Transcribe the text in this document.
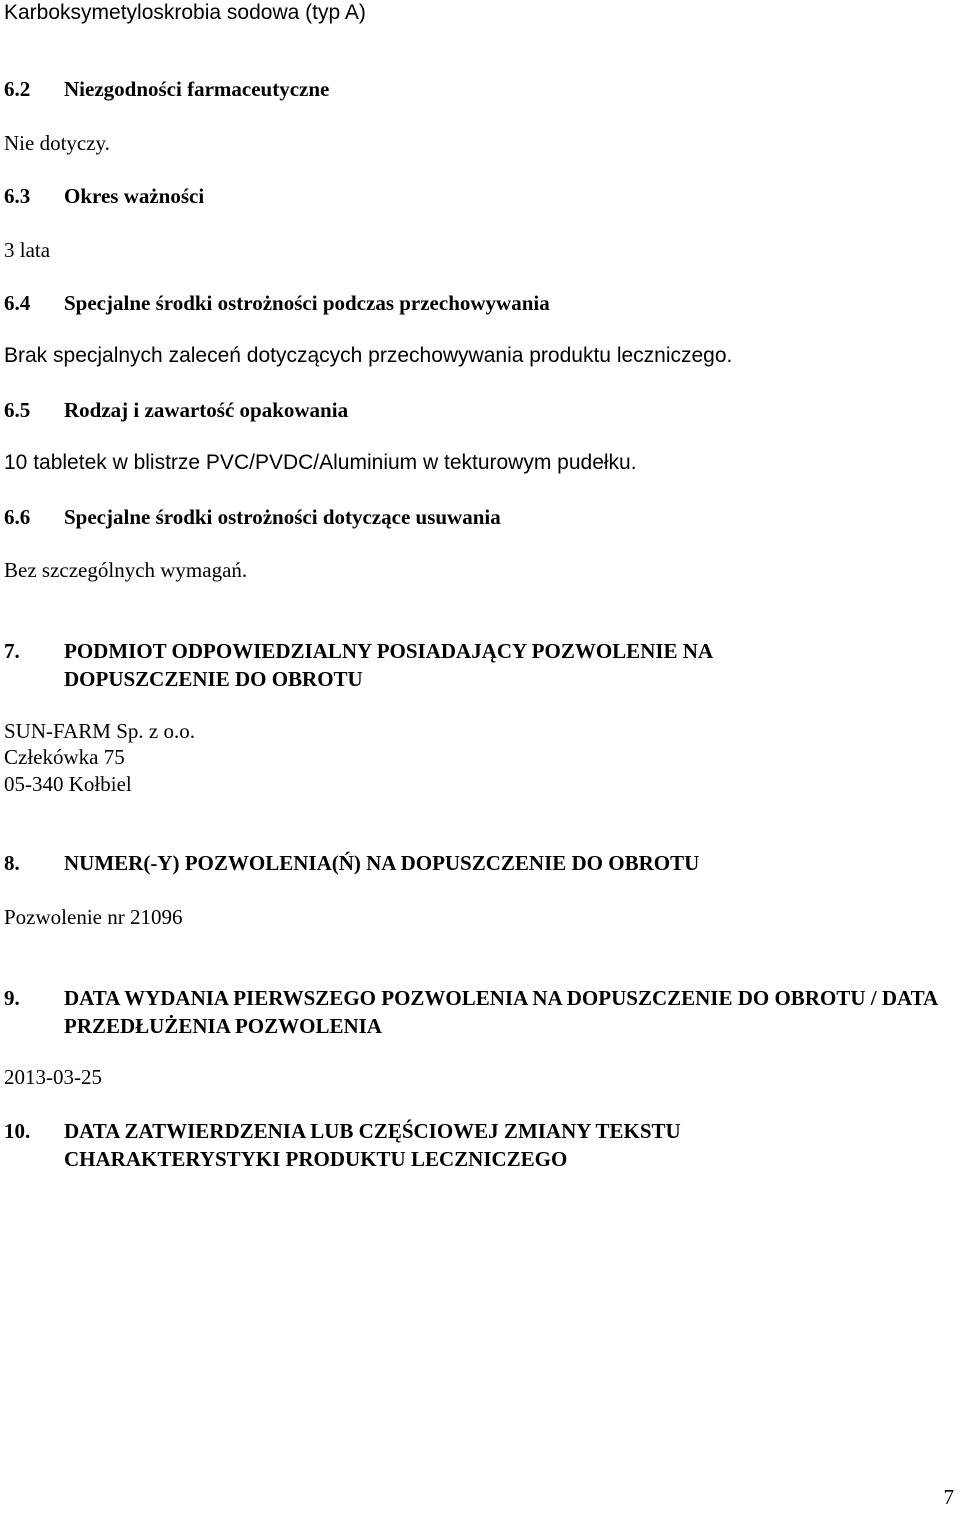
Karboksymetyloskrobia sodowa (typ A)
6.2 Niezgodności farmaceutyczne
Nie dotyczy.
6.3 Okres ważności
3 lata
6.4 Specjalne środki ostrożności podczas przechowywania
Brak specjalnych zaleceń dotyczących przechowywania produktu leczniczego.
6.5 Rodzaj i zawartość opakowania
10 tabletek w blistrze PVC/PVDC/Aluminium w tekturowym pudełku.
6.6 Specjalne środki ostrożności dotyczące usuwania
Bez szczególnych wymagań.
7.	PODMIOT ODPOWIEDZIALNY POSIADAJĄCY POZWOLENIE NA DOPUSZCZENIE DO OBROTU
SUN-FARM Sp. z o.o.
Człekówka 75
05-340 Kołbiel
8. NUMER(-Y) POZWOLENIA(Ń) NA DOPUSZCZENIE DO OBROTU
Pozwolenie nr 21096
9.	DATA WYDANIA PIERWSZEGO POZWOLENIA NA DOPUSZCZENIE DO OBROTU / DATA PRZEDŁUŻENIA POZWOLENIA
2013-03-25
10.	DATA ZATWIERDZENIA LUB CZĘŚCIOWEJ ZMIANY TEKSTU CHARAKTERYSTYKI PRODUKTU LECZNICZEGO
7
